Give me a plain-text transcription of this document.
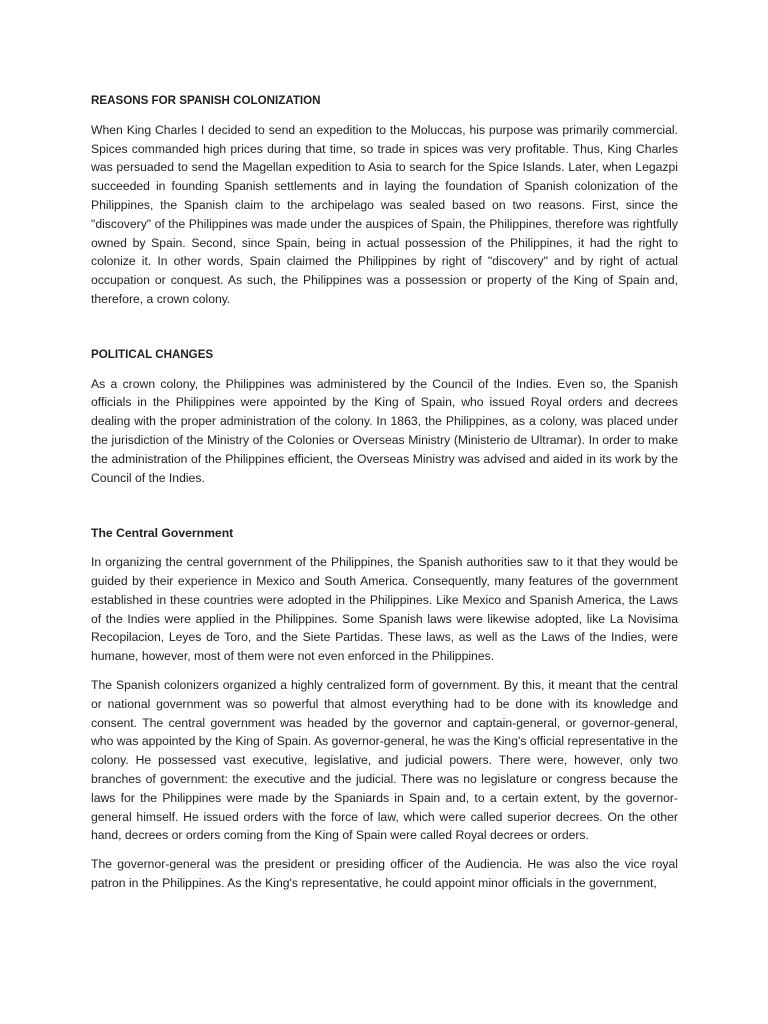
REASONS FOR SPANISH COLONIZATION

When King Charles I decided to send an expedition to the Moluccas, his purpose was primarily commercial. Spices commanded high prices during that time, so trade in spices was very profitable. Thus, King Charles was persuaded to send the Magellan expedition to Asia to search for the Spice Islands. Later, when Legazpi succeeded in founding Spanish settlements and in laying the foundation of Spanish colonization of the Philippines, the Spanish claim to the archipelago was sealed based on two reasons. First, since the "discovery" of the Philippines was made under the auspices of Spain, the Philippines, therefore was rightfully owned by Spain. Second, since Spain, being in actual possession of the Philippines, it had the right to colonize it. In other words, Spain claimed the Philippines by right of "discovery" and by right of actual occupation or conquest. As such, the Philippines was a possession or property of the King of Spain and, therefore, a crown colony.

POLITICAL CHANGES

As a crown colony, the Philippines was administered by the Council of the Indies. Even so, the Spanish officials in the Philippines were appointed by the King of Spain, who issued Royal orders and decrees dealing with the proper administration of the colony. In 1863, the Philippines, as a colony, was placed under the jurisdiction of the Ministry of the Colonies or Overseas Ministry (Ministerio de Ultramar). In order to make the administration of the Philippines efficient, the Overseas Ministry was advised and aided in its work by the Council of the Indies.

The Central Government

In organizing the central government of the Philippines, the Spanish authorities saw to it that they would be guided by their experience in Mexico and South America. Consequently, many features of the government established in these countries were adopted in the Philippines. Like Mexico and Spanish America, the Laws of the Indies were applied in the Philippines. Some Spanish laws were likewise adopted, like La Novisima Recopilacion, Leyes de Toro, and the Siete Partidas. These laws, as well as the Laws of the Indies, were humane, however, most of them were not even enforced in the Philippines.

The Spanish colonizers organized a highly centralized form of government. By this, it meant that the central or national government was so powerful that almost everything had to be done with its knowledge and consent. The central government was headed by the governor and captain-general, or governor-general, who was appointed by the King of Spain. As governor-general, he was the King's official representative in the colony. He possessed vast executive, legislative, and judicial powers. There were, however, only two branches of government: the executive and the judicial. There was no legislature or congress because the laws for the Philippines were made by the Spaniards in Spain and, to a certain extent, by the governor-general himself. He issued orders with the force of law, which were called superior decrees. On the other hand, decrees or orders coming from the King of Spain were called Royal decrees or orders.

The governor-general was the president or presiding officer of the Audiencia. He was also the vice royal patron in the Philippines. As the King's representative, he could appoint minor officials in the government,
